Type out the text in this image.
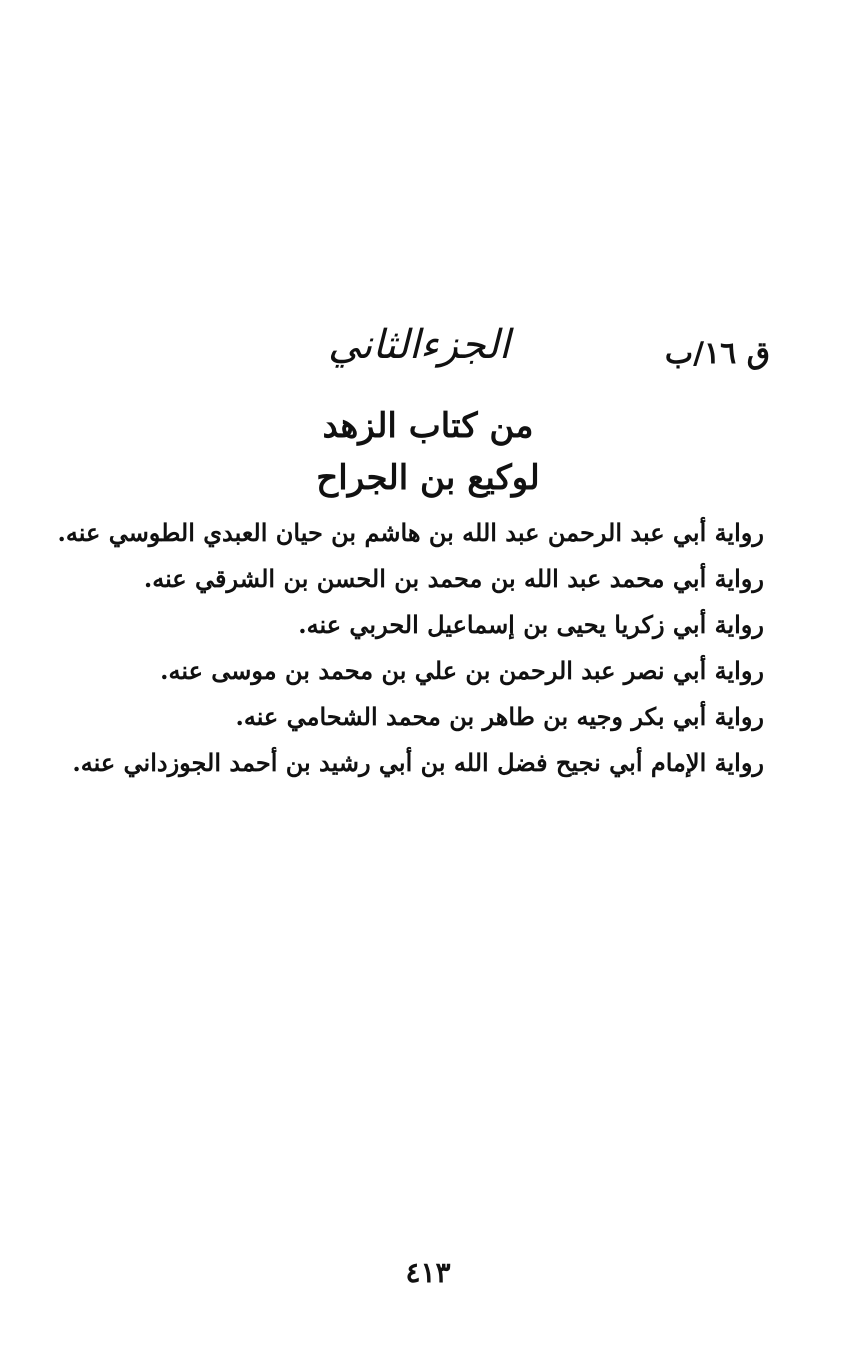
ق ١٦/ب
الجزءالثاني
من كتاب الزهد
لوكيع بن الجراح
رواية أبي عبد الرحمن عبد الله بن هاشم بن حيان العبدي الطوسي عنه.
رواية أبي محمد عبد الله بن محمد بن الحسن بن الشرقي عنه.
رواية أبي زكريا يحيى بن إسماعيل الحربي عنه.
رواية أبي نصر عبد الرحمن بن علي بن محمد بن موسى عنه.
رواية أبي بكر وجيه بن طاهر بن محمد الشحامي عنه.
رواية الإمام أبي نجيح فضل الله بن أبي رشيد بن أحمد الجوزداني عنه.
٤١٣
